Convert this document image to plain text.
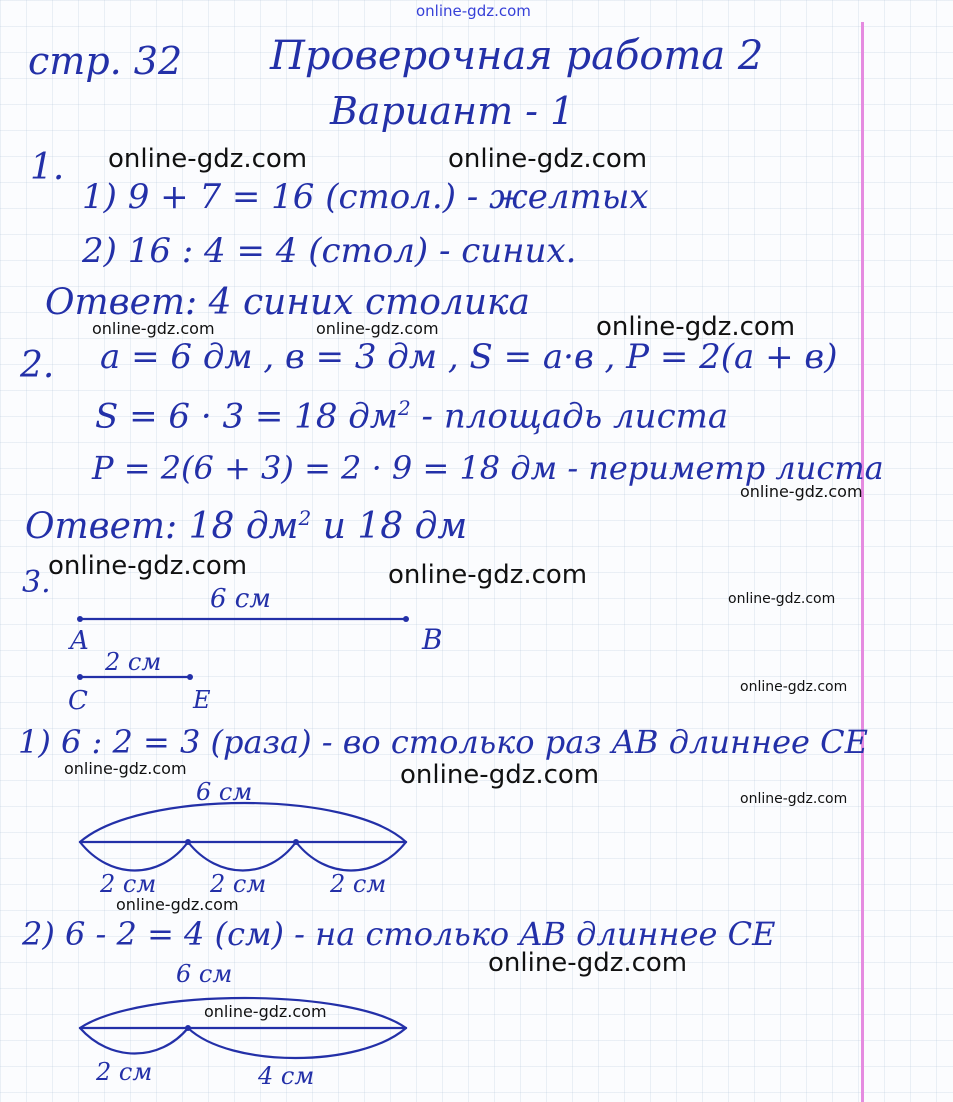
стр. 32 Проверочная работа 2
Вариант - 1
1.
1) 9 + 7 = 16 (стол.) - желтых
2) 16 : 4 = 4 (стол) - синих.
Ответ: 4 синих столика
2. a = 6 дм , в = 3 дм , S = a·в , P = 2(a + в)
S = 6 · 3 = 18 $дм^2$ - площадь листа
P = 2(6 + 3) = 2 · 9 = 18 дм - периметр листа
Ответ: 18 $дм^2$ и 18 дм
3.	6 см
A	B
2 см
C	E
1) 6 : 2 = 3 (раза) - во столько раз AB длиннее CE
6 см
2 см 2 см	2 см
2) 6 - 2 = 4 (см) - на столько AB длиннее CE
6 см
2 см	4 см
online-gdz.com
online-gdz.com	online-gdz.com
online-gdz.com	online-gdz.com	online-gdz.com
online-gdz.com
online-gdz.com	online-gdz.com
online-gdz.com
online-gdz.com
online-gdz.com	online-gdz.com
online-gdz.com
online-gdz.com
online-gdz.com
online-gdz.com
